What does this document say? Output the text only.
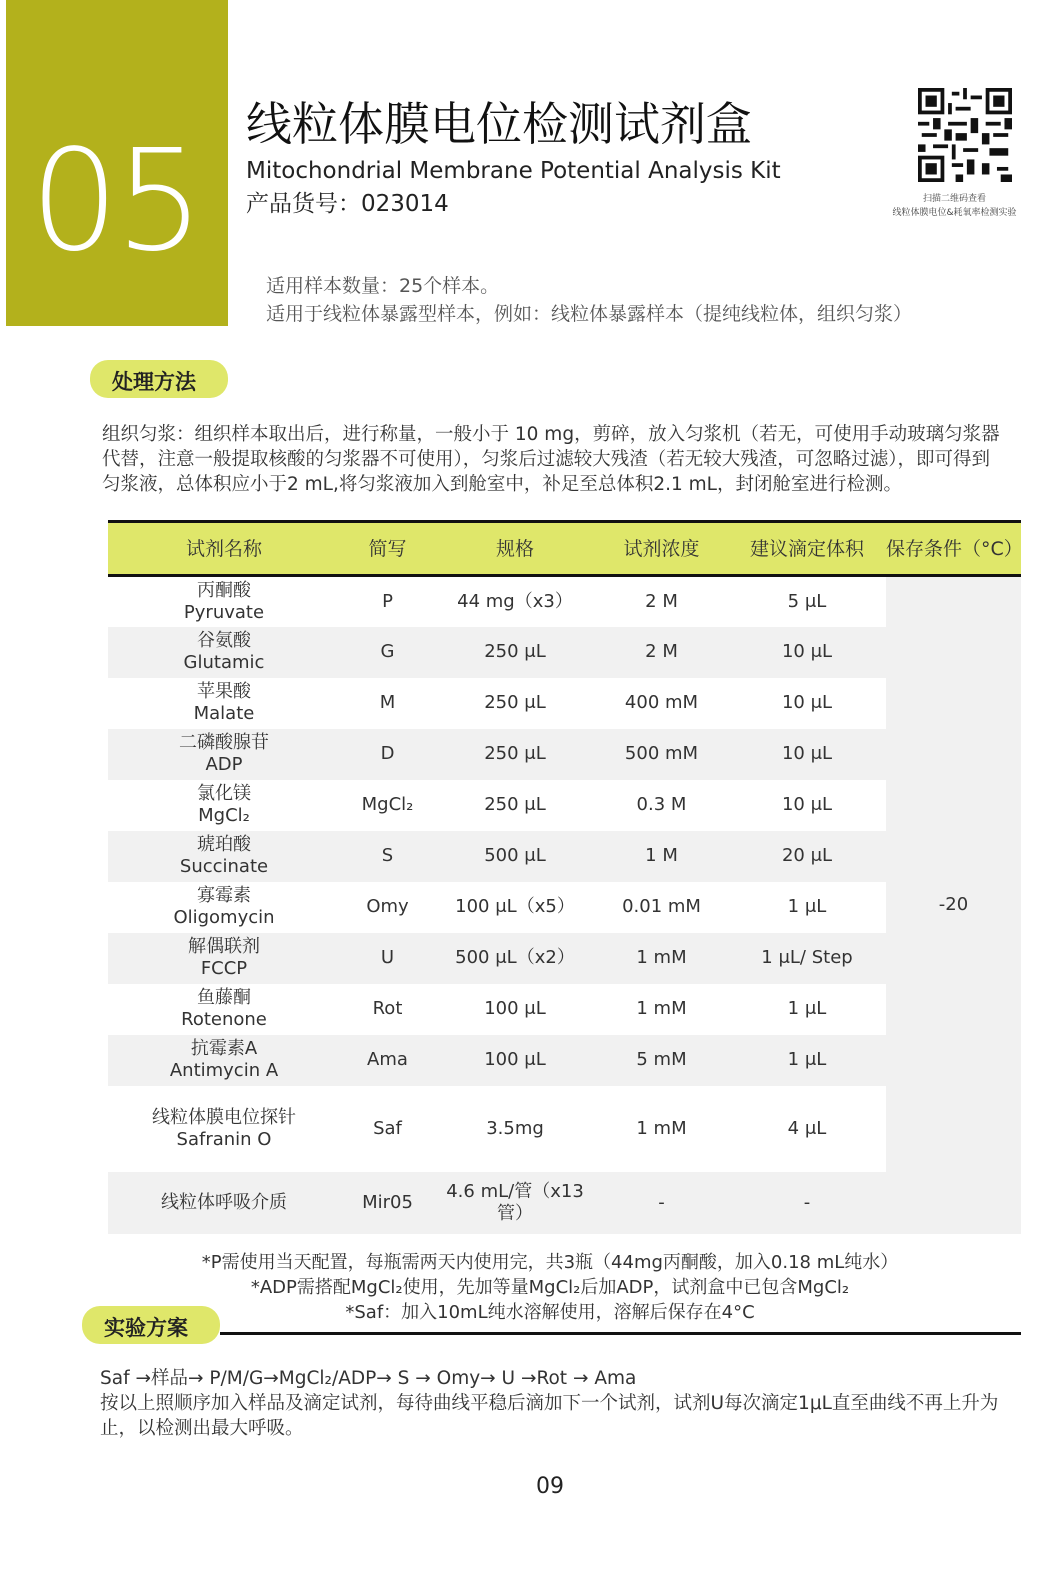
05 线粒体膜电位检测试剂盒
Mitochondrial Membrane Potential Analysis Kit
产品货号：023014	扫描二维码查看
线粒体膜电位&耗氧率检测实验
适用样本数量：25个样本。
适用于线粒体暴露型样本，例如：线粒体暴露样本（提纯线粒体，组织匀浆）
处理方法
组织匀浆：组织样本取出后，进行称量，一般小于 10 mg，剪碎，放入匀浆机（若无，可使用手动玻璃匀浆器代替，注意一般提取核酸的匀浆器不可使用），匀浆后过滤较大残渣（若无较大残渣，可忽略过滤），即可得到匀浆液，总体积应小于2 mL,将匀浆液加入到舱室中，补足至总体积2.1 mL，封闭舱室进行检测。
试剂名称	简写	规格	试剂浓度	建议滴定体积	保存条件（°C）

丙酮酸
Pyruvate	P	44 mg（x3）	2 M	5 μL	-20

谷氨酸
Glutamic	G	250 μL	2 M	10 μL	

苹果酸
Malate	M	250 μL	400 mM	10 μL	

二磷酸腺苷
ADP	D	250 μL	500 mM	10 μL	

氯化镁
MgCl₂	MgCl₂	250 μL	0.3 M	10 μL	

琥珀酸
Succinate	S	500 μL	1 M	20 μL	

寡霉素
Oligomycin	Omy	100 μL（x5）	0.01 mM	1 μL	

解偶联剂
FCCP	U	500 μL（x2）	1 mM	1 μL/ Step	

鱼藤酮
Rotenone	Rot	100 μL	1 mM	1 μL	

抗霉素A
Antimycin A	Ama	100 μL	5 mM	1 μL	

线粒体膜电位探针
Safranin O	Saf	3.5mg	1 mM	4 μL	

线粒体呼吸介质	Mir05	4.6 mL/管（x13管）	-	-	
*P需使用当天配置，每瓶需两天内使用完，共3瓶（44mg丙酮酸，加入0.18 mL纯水）
*ADP需搭配MgCl₂使用，先加等量MgCl₂后加ADP，试剂盒中已包含MgCl₂
*Saf：加入10mL纯水溶解使用，溶解后保存在4°C
实验方案
Saf →样品→ P/M/G→MgCl₂/ADP→ S → Omy→ U →Rot → Ama
按以上照顺序加入样品及滴定试剂，每待曲线平稳后滴加下一个试剂，试剂U每次滴定1μL直至曲线不再上升为止，以检测出最大呼吸。
09
